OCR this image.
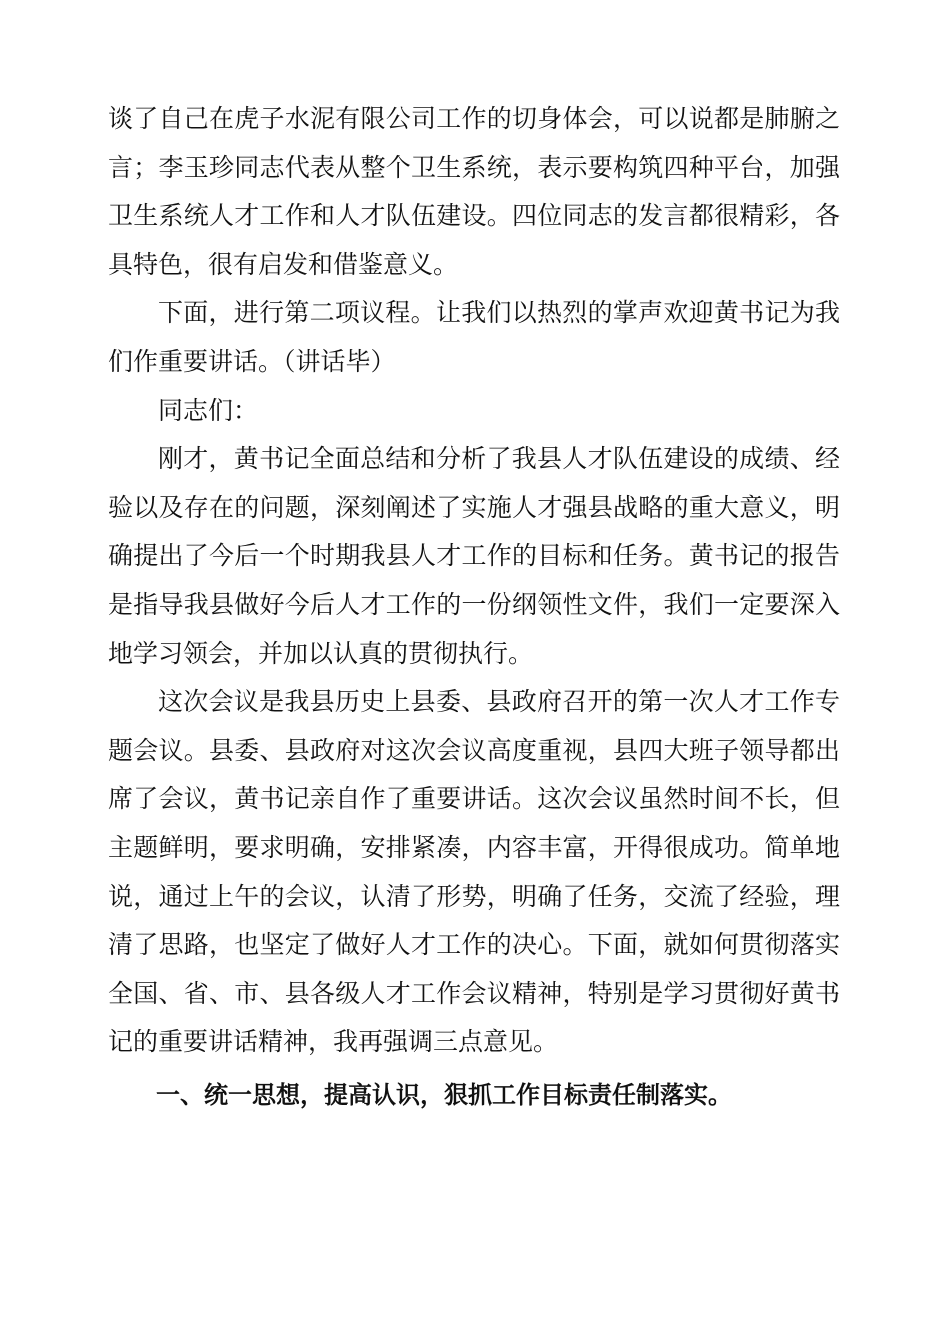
谈了自己在虎子水泥有限公司工作的切身体会，可以说都是肺腑之言；李玉珍同志代表从整个卫生系统，表示要构筑四种平台，加强卫生系统人才工作和人才队伍建设。四位同志的发言都很精彩，各具特色，很有启发和借鉴意义。

下面，进行第二项议程。让我们以热烈的掌声欢迎黄书记为我们作重要讲话。（讲话毕）

同志们：

刚才，黄书记全面总结和分析了我县人才队伍建设的成绩、经验以及存在的问题，深刻阐述了实施人才强县战略的重大意义，明确提出了今后一个时期我县人才工作的目标和任务。黄书记的报告是指导我县做好今后人才工作的一份纲领性文件，我们一定要深入地学习领会，并加以认真的贯彻执行。

这次会议是我县历史上县委、县政府召开的第一次人才工作专题会议。县委、县政府对这次会议高度重视，县四大班子领导都出席了会议，黄书记亲自作了重要讲话。这次会议虽然时间不长，但主题鲜明，要求明确，安排紧凑，内容丰富，开得很成功。简单地说，通过上午的会议，认清了形势，明确了任务，交流了经验，理清了思路，也坚定了做好人才工作的决心。下面，就如何贯彻落实全国、省、市、县各级人才工作会议精神，特别是学习贯彻好黄书记的重要讲话精神，我再强调三点意见。

一、统一思想，提高认识，狠抓工作目标责任制落实。
